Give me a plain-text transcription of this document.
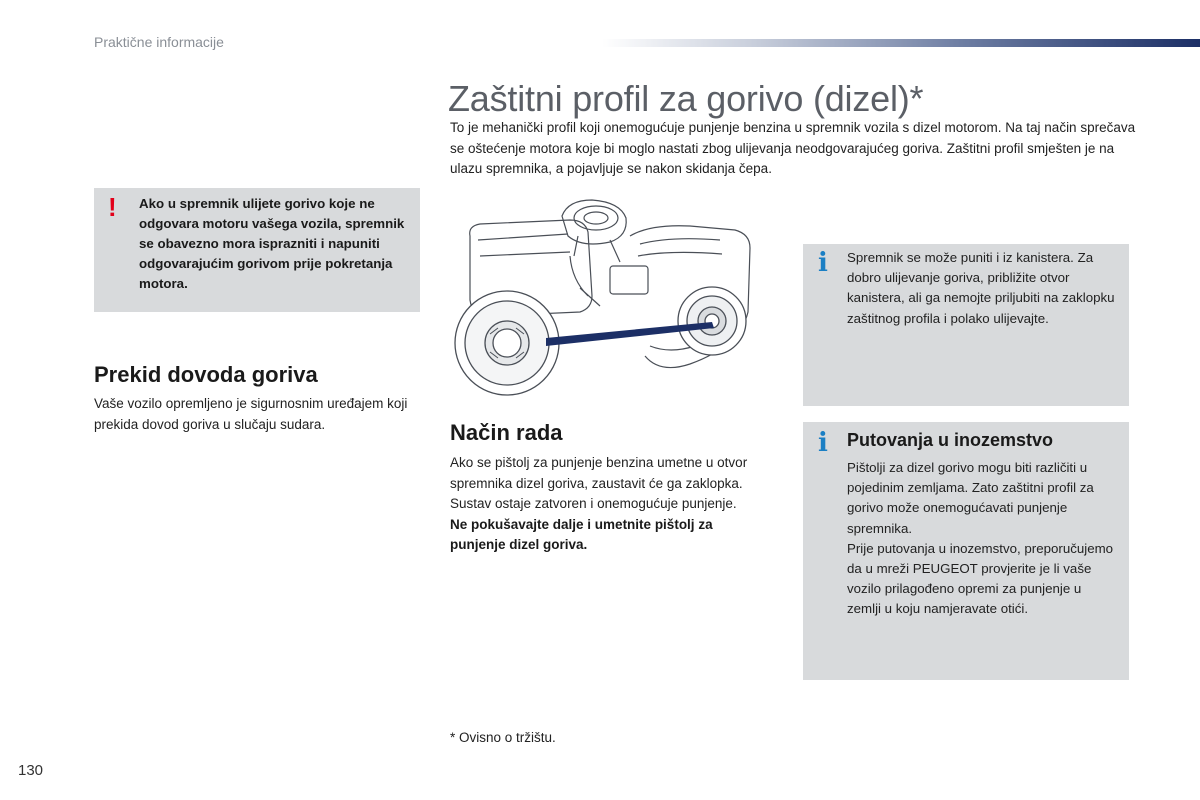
Praktične informacije
Zaštitni profil za gorivo (dizel)*
To je mehanički profil koji onemogućuje punjenje benzina u spremnik vozila s dizel motorom. Na taj način sprečava se oštećenje motora koje bi moglo nastati zbog ulijevanja neodgovarajućeg goriva. Zaštitni profil smješten je na ulazu spremnika, a pojavljuje se nakon skidanja čepa.
! Ako u spremnik ulijete gorivo koje ne odgovara motoru vašega vozila, spremnik se obavezno mora isprazniti i napuniti odgovarajućim gorivom prije pokretanja motora.
Prekid dovoda goriva
Vaše vozilo opremljeno je sigurnosnim uređajem koji prekida dovod goriva u slučaju sudara.	Način rada
Ako se pištolj za punjenje benzina umetne u otvor spremnika dizel goriva, zaustavit će ga zaklopka. Sustav ostaje zatvoren i onemogućuje punjenje.
Ne pokušavajte dalje i umetnite pištolj za punjenje dizel goriva.
i Spremnik se može puniti i iz kanistera. Za dobro ulijevanje goriva, približite otvor kanistera, ali ga nemojte priljubiti na zaklopku zaštitnog profila i polako ulijevajte.
i Putovanja u inozemstvo
Pištolji za dizel gorivo mogu biti različiti u pojedinim zemljama. Zato zaštitni profil za gorivo može onemogućavati punjenje spremnika.
Prije putovanja u inozemstvo, preporučujemo da u mreži PEUGEOT provjerite je li vaše vozilo prilagođeno opremi za punjenje u zemlji u koju namjeravate otići.
* Ovisno o tržištu.
130
